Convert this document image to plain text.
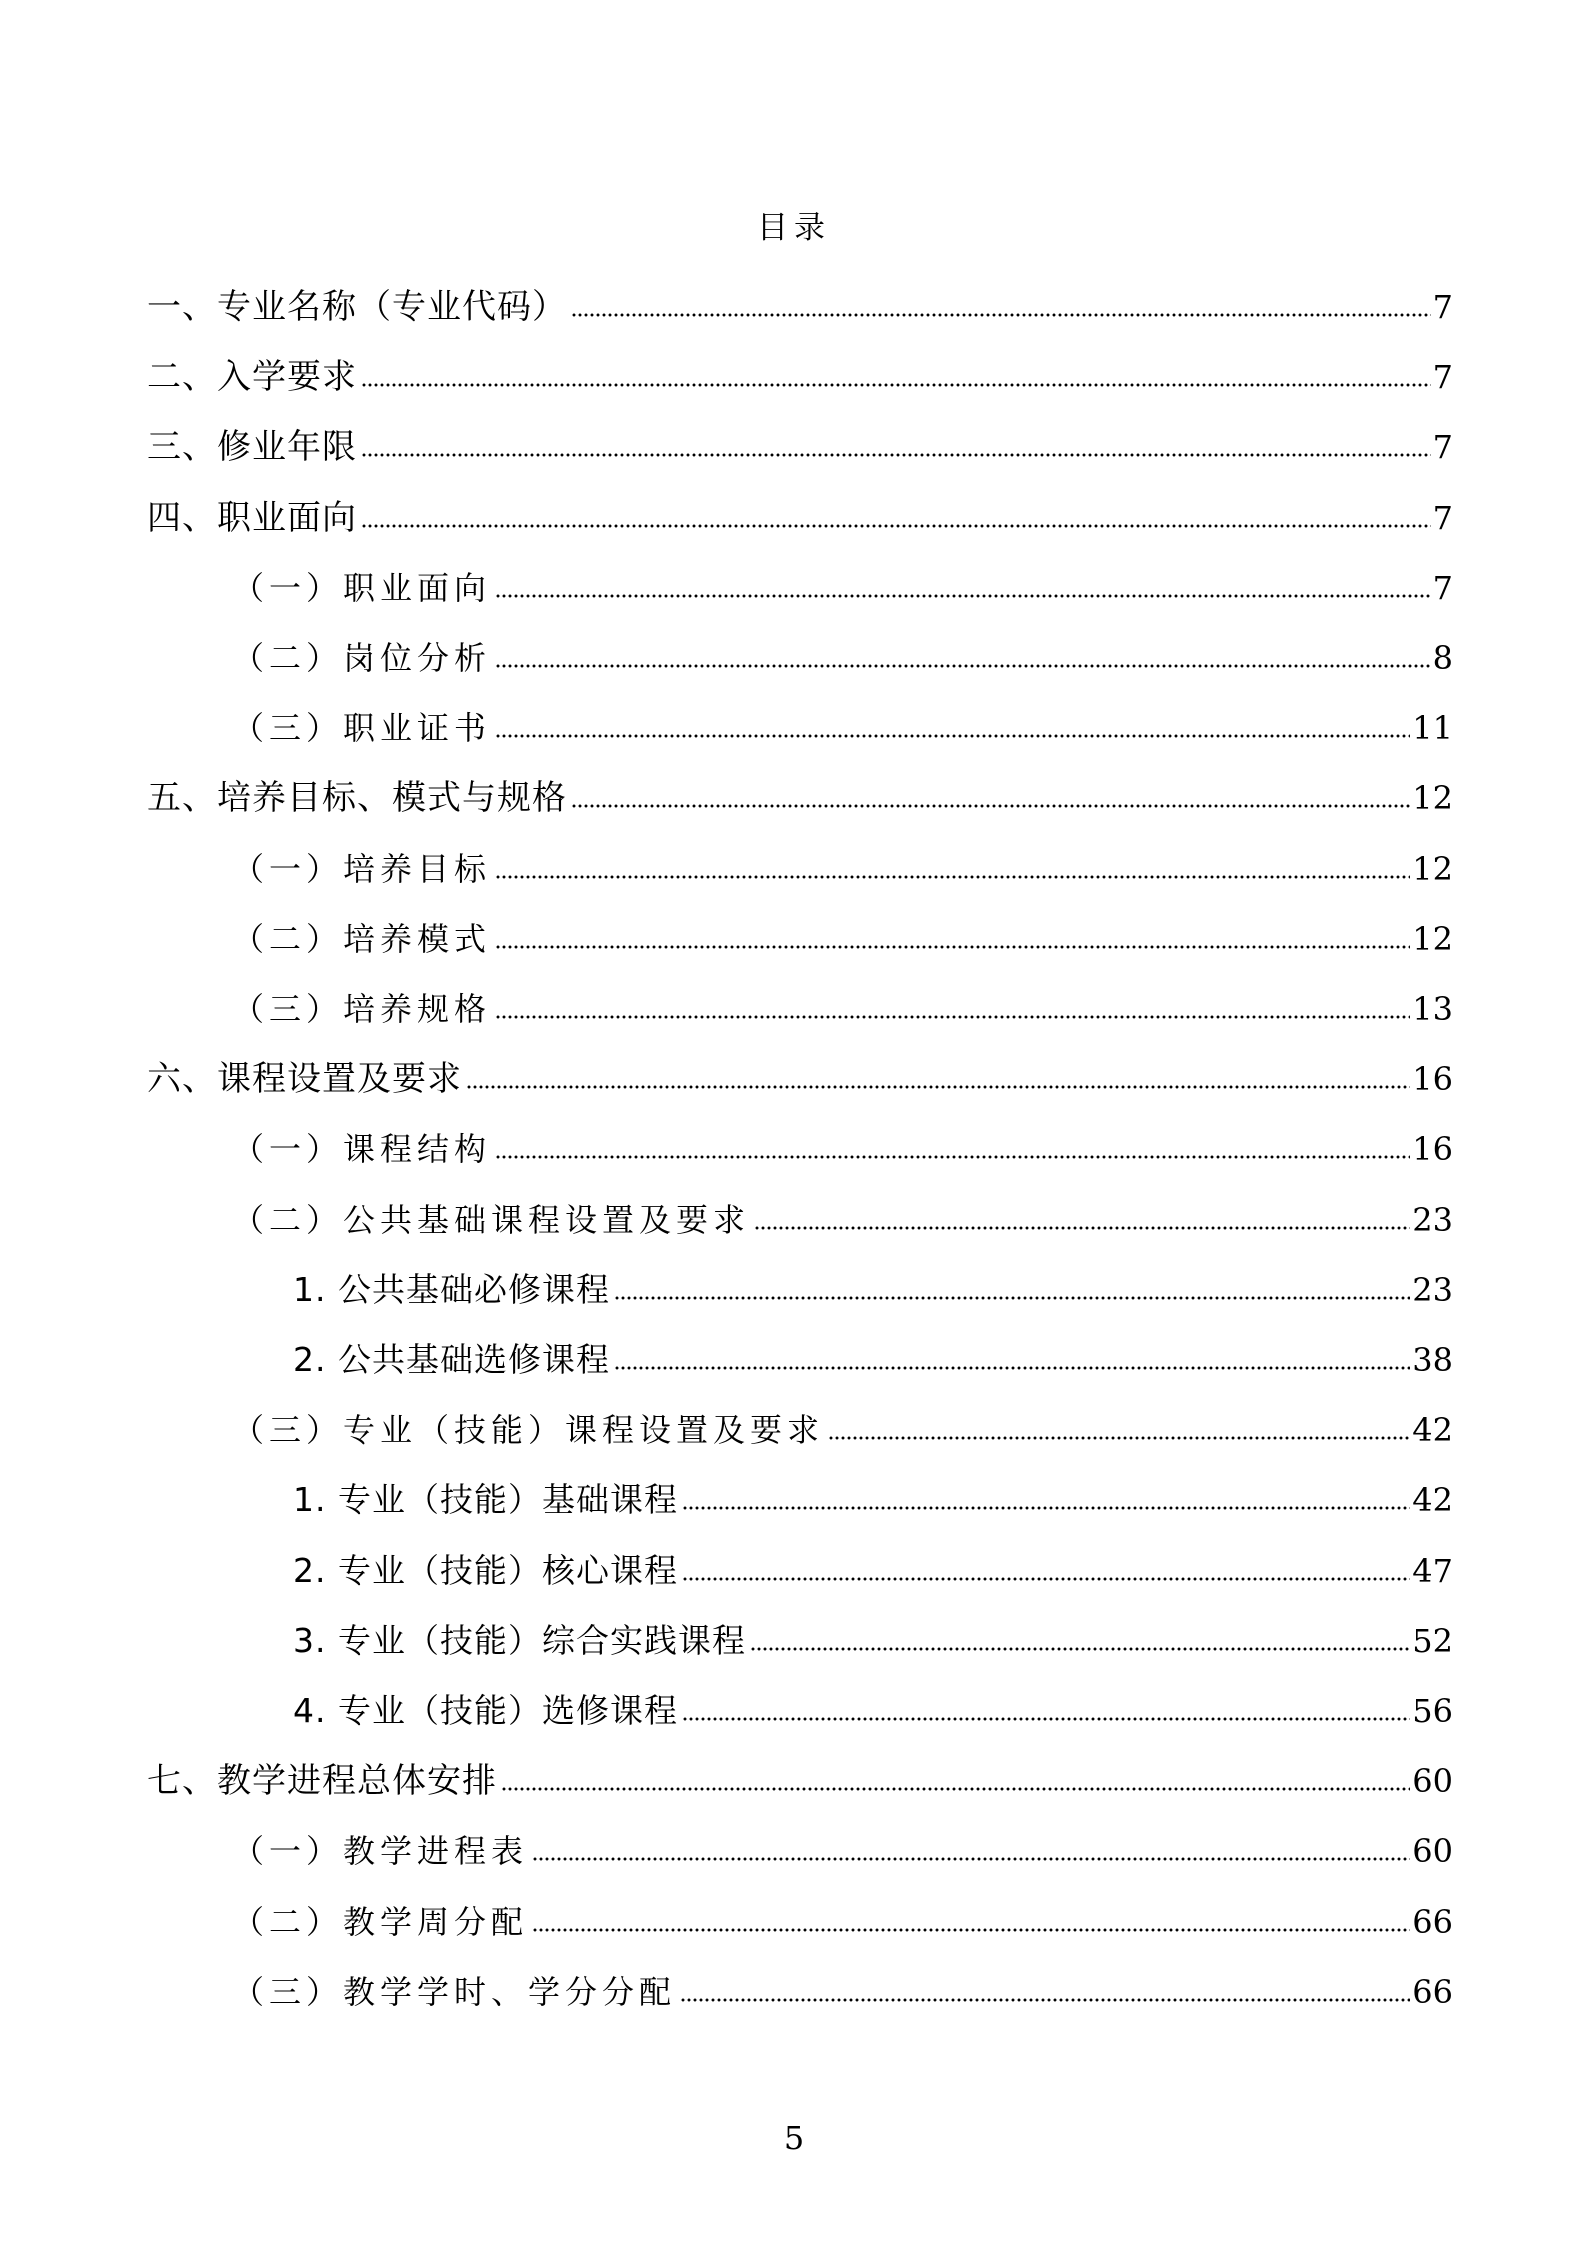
目录
一、专业名称（专业代码）	7
二、入学要求	7
三、修业年限	7
四、职业面向	7
（一）职业面向	7
（二）岗位分析	8
（三）职业证书	11
五、培养目标、模式与规格	12
（一）培养目标	12
（二）培养模式	12
（三）培养规格	13
六、课程设置及要求	16
（一）课程结构	16
（二）公共基础课程设置及要求	23
1. 公共基础必修课程	23
2. 公共基础选修课程	38
（三）专业（技能）课程设置及要求	42
1. 专业（技能）基础课程	42
2. 专业（技能）核心课程	47
3. 专业（技能）综合实践课程	52
4. 专业（技能）选修课程	56
七、教学进程总体安排	60
（一）教学进程表	60
（二）教学周分配	66
（三）教学学时、学分分配	66
5
